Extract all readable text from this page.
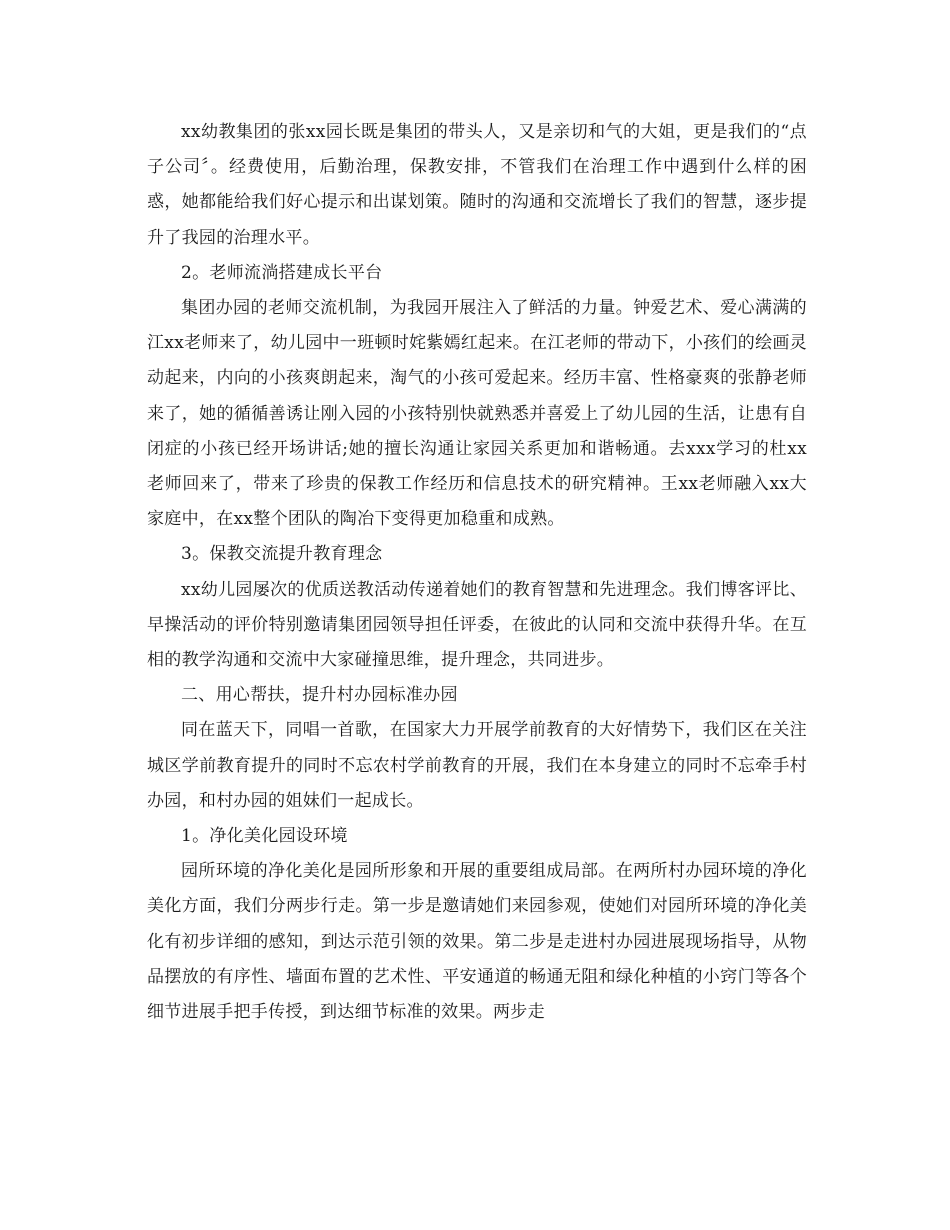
xx幼教集团的张xx园长既是集团的带头人，又是亲切和气的大姐，更是我们的“点子公司〞。经费使用，后勤治理，保教安排，不管我们在治理工作中遇到什么样的困惑，她都能给我们好心提示和出谋划策。随时的沟通和交流增长了我们的智慧，逐步提升了我园的治理水平。

2。老师流淌搭建成长平台

集团办园的老师交流机制，为我园开展注入了鲜活的力量。钟爱艺术、爱心满满的江xx老师来了，幼儿园中一班顿时姹紫嫣红起来。在江老师的带动下，小孩们的绘画灵动起来，内向的小孩爽朗起来，淘气的小孩可爱起来。经历丰富、性格豪爽的张静老师来了，她的循循善诱让刚入园的小孩特别快就熟悉并喜爱上了幼儿园的生活，让患有自闭症的小孩已经开场讲话;她的擅长沟通让家园关系更加和谐畅通。去xxx学习的杜xx老师回来了，带来了珍贵的保教工作经历和信息技术的研究精神。王xx老师融入xx大家庭中，在xx整个团队的陶冶下变得更加稳重和成熟。

3。保教交流提升教育理念

xx幼儿园屡次的优质送教活动传递着她们的教育智慧和先进理念。我们博客评比、早操活动的评价特别邀请集团园领导担任评委，在彼此的认同和交流中获得升华。在互相的教学沟通和交流中大家碰撞思维，提升理念，共同进步。

二、用心帮扶，提升村办园标准办园

同在蓝天下，同唱一首歌，在国家大力开展学前教育的大好情势下，我们区在关注城区学前教育提升的同时不忘农村学前教育的开展，我们在本身建立的同时不忘牵手村办园，和村办园的姐妹们一起成长。

1。净化美化园设环境

园所环境的净化美化是园所形象和开展的重要组成局部。在两所村办园环境的净化美化方面，我们分两步行走。第一步是邀请她们来园参观，使她们对园所环境的净化美化有初步详细的感知，到达示范引领的效果。第二步是走进村办园进展现场指导，从物品摆放的有序性、墙面布置的艺术性、平安通道的畅通无阻和绿化种植的小窍门等各个细节进展手把手传授，到达细节标准的效果。两步走
